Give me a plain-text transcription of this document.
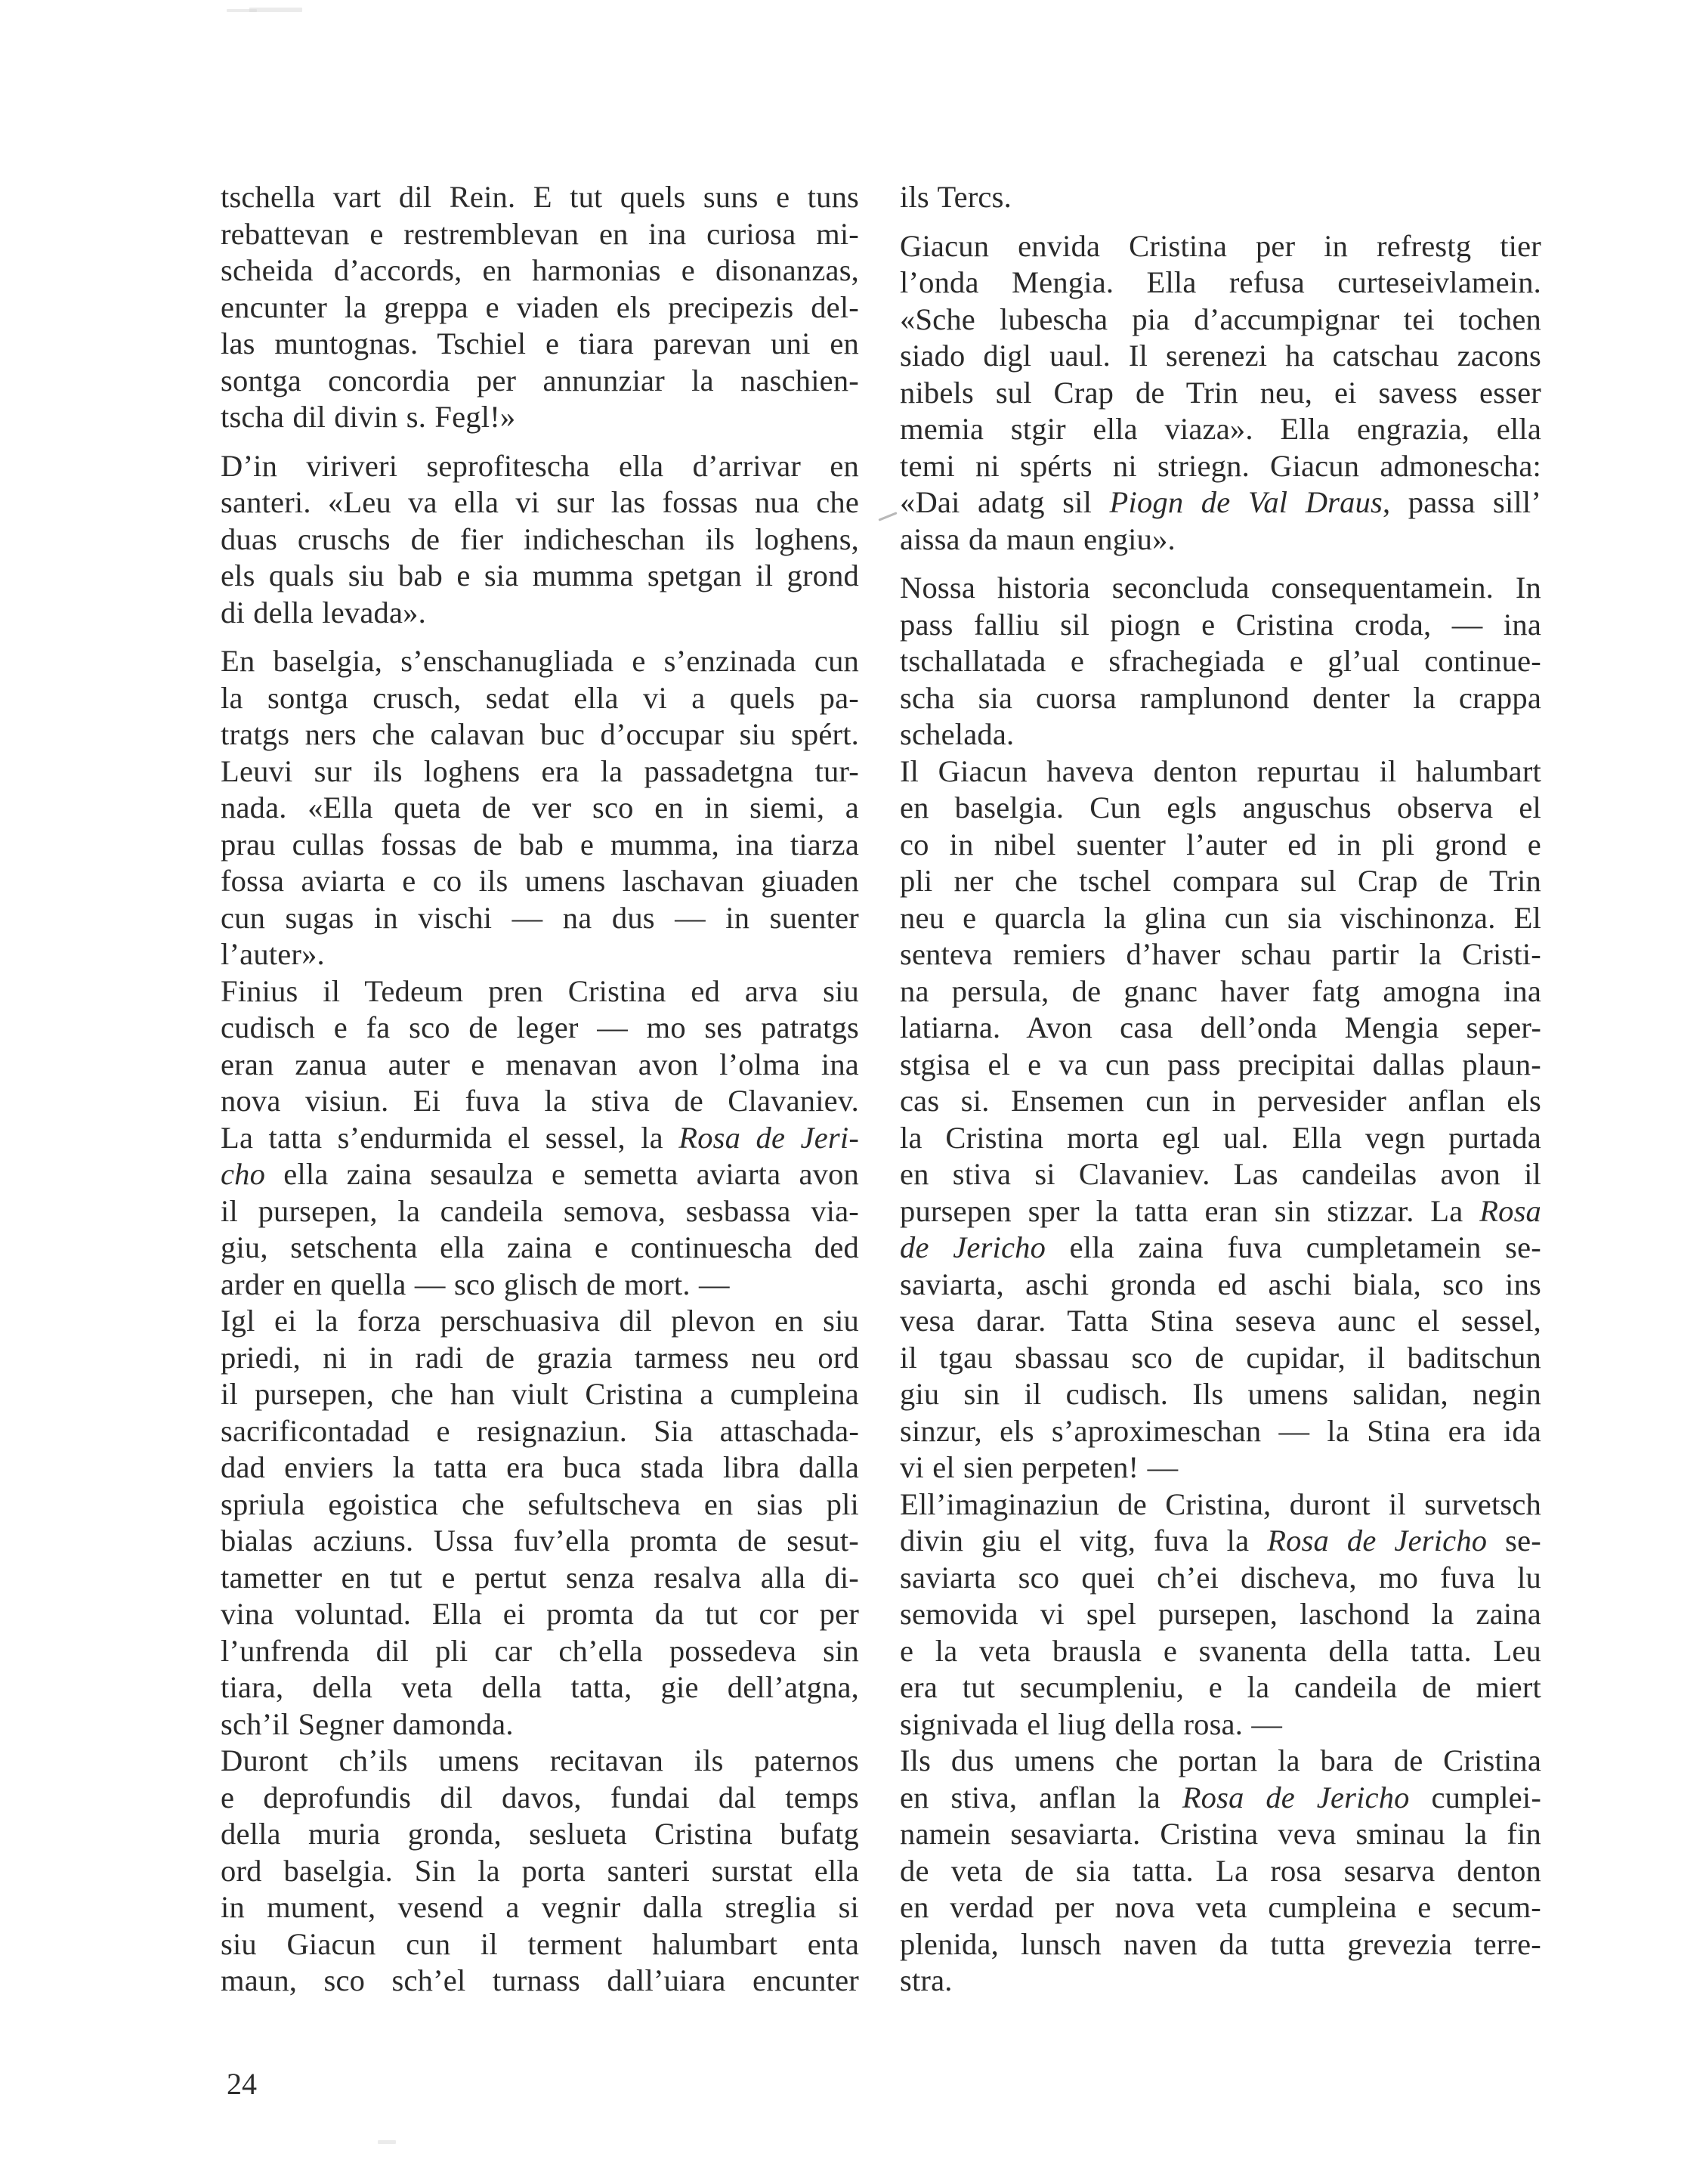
tschella vart dil Rein. E tut quels suns e tuns
rebattevan e restremblevan en ina curiosa mi-
scheida d’accords, en harmonias e disonanzas,
encunter la greppa e viaden els precipezis del-
las muntognas. Tschiel e tiara parevan uni en
sontga concordia per annunziar la naschien-
tscha dil divin s. Fegl!»
D’in viriveri seprofitescha ella d’arrivar en
santeri. «Leu va ella vi sur las fossas nua che
duas cruschs de fier indicheschan ils loghens,
els quals siu bab e sia mumma spetgan il grond
di della levada».
En baselgia, s’enschanugliada e s’enzinada cun
la sontga crusch, sedat ella vi a quels pa-
tratgs ners che calavan buc d’occupar siu spért.
Leuvi sur ils loghens era la passadetgna tur-
nada. «Ella queta de ver sco en in siemi, a
prau cullas fossas de bab e mumma, ina tiarza
fossa aviarta e co ils umens laschavan giuaden
cun sugas in vischi — na dus — in suenter
l’auter».
Finius il Tedeum pren Cristina ed arva siu
cudisch e fa sco de leger — mo ses patratgs
eran zanua auter e menavan avon l’olma ina
nova visiun. Ei fuva la stiva de Clavaniev.
La tatta s’endurmida el sessel, la Rosa de Jeri-
cho ella zaina sesaulza e semetta aviarta avon
il pursepen, la candeila semova, sesbassa via-
giu, setschenta ella zaina e continuescha ded
arder en quella — sco glisch de mort. —
Igl ei la forza perschuasiva dil plevon en siu
priedi, ni in radi de grazia tarmess neu ord
il pursepen, che han viult Cristina a cumpleina
sacrificontadad e resignaziun. Sia attaschada-
dad enviers la tatta era buca stada libra dalla
spriula egoistica che sefultscheva en sias pli
bialas acziuns. Ussa fuv’ella promta de sesut-
tametter en tut e pertut senza resalva alla di-
vina voluntad. Ella ei promta da tut cor per
l’unfrenda dil pli car ch’ella possedeva sin
tiara, della veta della tatta, gie dell’atgna,
sch’il Segner damonda.
Duront ch’ils umens recitavan ils paternos
e deprofundis dil davos, fundai dal temps
della muria gronda, seslueta Cristina bufatg
ord baselgia. Sin la porta santeri surstat ella
in mument, vesend a vegnir dalla streglia si
siu Giacun cun il terment halumbart enta
maun, sco sch’el turnass dall’uiara encunter
ils Tercs.
Giacun envida Cristina per in refrestg tier
l’onda Mengia. Ella refusa curteseivlamein.
«Sche lubescha pia d’accumpignar tei tochen
siado digl uaul. Il serenezi ha catschau zacons
nibels sul Crap de Trin neu, ei savess esser
memia stgir ella viaza». Ella engrazia, ella
temi ni spérts ni striegn. Giacun admonescha:
«Dai adatg sil Piogn de Val Draus, passa sill’
aissa da maun engiu».
Nossa historia seconcluda consequentamein. In
pass falliu sil piogn e Cristina croda, — ina
tschallatada e sfrachegiada e gl’ual continue-
scha sia cuorsa ramplunond denter la crappa
schelada.
Il Giacun haveva denton repurtau il halumbart
en baselgia. Cun egls anguschus observa el
co in nibel suenter l’auter ed in pli grond e
pli ner che tschel compara sul Crap de Trin
neu e quarcla la glina cun sia vischinonza. El
senteva remiers d’haver schau partir la Cristi-
na persula, de gnanc haver fatg amogna ina
latiarna. Avon casa dell’onda Mengia seper-
stgisa el e va cun pass precipitai dallas plaun-
cas si. Ensemen cun in pervesider anflan els
la Cristina morta egl ual. Ella vegn purtada
en stiva si Clavaniev. Las candeilas avon il
pursepen sper la tatta eran sin stizzar. La Rosa
de Jericho ella zaina fuva cumpletamein se-
saviarta, aschi gronda ed aschi biala, sco ins
vesa darar. Tatta Stina seseva aunc el sessel,
il tgau sbassau sco de cupidar, il baditschun
giu sin il cudisch. Ils umens salidan, negin
sinzur, els s’aproximeschan — la Stina era ida
vi el sien perpeten! —
Ell’imaginaziun de Cristina, duront il survetsch
divin giu el vitg, fuva la Rosa de Jericho se-
saviarta sco quei ch’ei discheva, mo fuva lu
semovida vi spel pursepen, laschond la zaina
e la veta brausla e svanenta della tatta. Leu
era tut secumpleniu, e la candeila de miert
signivada el liug della rosa. —
Ils dus umens che portan la bara de Cristina
en stiva, anflan la Rosa de Jericho cumplei-
namein sesaviarta. Cristina veva sminau la fin
de veta de sia tatta. La rosa sesarva denton
en verdad per nova veta cumpleina e secum-
plenida, lunsch naven da tutta grevezia terre-
stra.
24
